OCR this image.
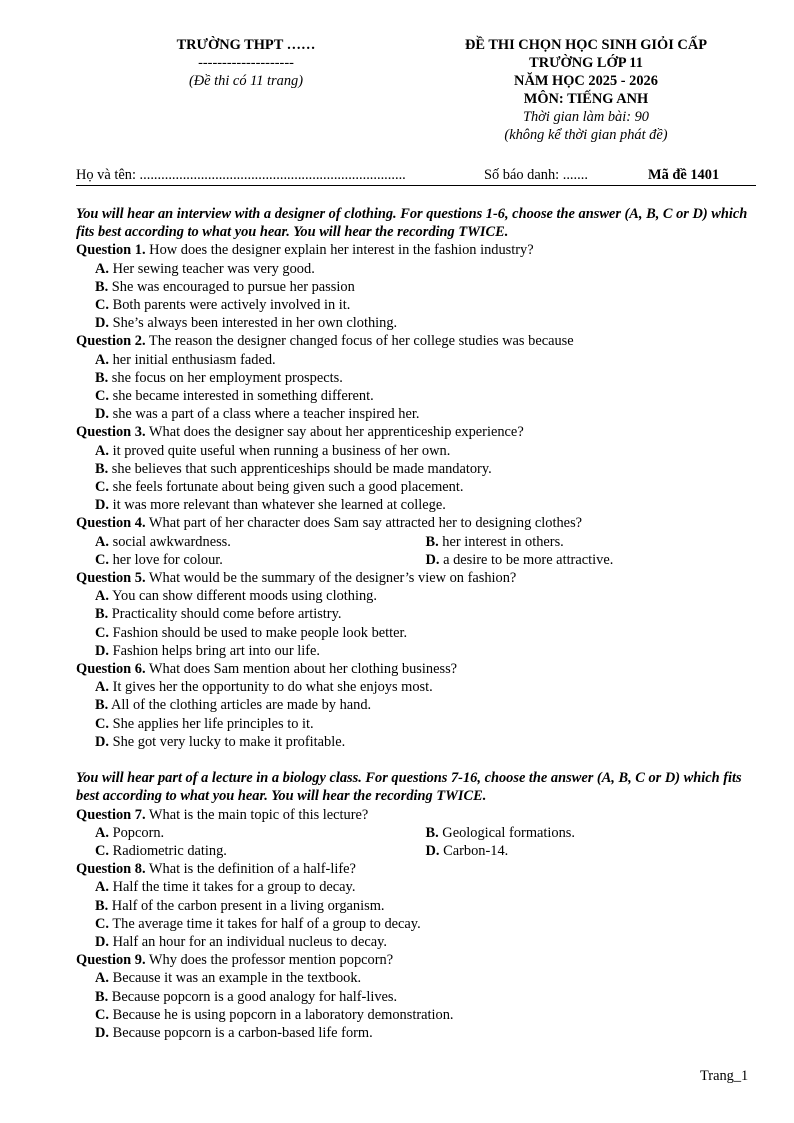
TRƯỜNG THPT ……
--------------------
(Đề thi có 11 trang)
ĐỀ THI CHỌN HỌC SINH GIỎI CẤP
TRƯỜNG LỚP 11
NĂM HỌC 2025 - 2026
MÔN: TIẾNG ANH
Thời gian làm bài: 90
(không kể thời gian phát đề)
Họ và tên: ..........................................................................	Số báo danh: .......	Mã đề 1401

You will hear an interview with a designer of clothing. For questions 1-6, choose the answer (A, B, C or D) which fits best according to what you hear. You will hear the recording TWICE.

Question 1. How does the designer explain her interest in the fashion industry?

A. Her sewing teacher was very good.
B. She was encouraged to pursue her passion
C. Both parents were actively involved in it.
D. She’s always been interested in her own clothing.

Question 2. The reason the designer changed focus of her college studies was because

A. her initial enthusiasm faded.
B. she focus on her employment prospects.
C. she became interested in something different.
D. she was a part of a class where a teacher inspired her.

Question 3. What does the designer say about her apprenticeship experience?

A. it proved quite useful when running a business of her own.
B. she believes that such apprenticeships should be made mandatory.
C. she feels fortunate about being given such a good placement.
D. it was more relevant than whatever she learned at college.

Question 4. What part of her character does Sam say attracted her to designing clothes?

A. social awkwardness.	B. her interest in others.
C. her love for colour.	D. a desire to be more attractive.

Question 5. What would be the summary of the designer’s view on fashion?

A. You can show different moods using clothing.
B. Practicality should come before artistry.
C. Fashion should be used to make people look better.
D. Fashion helps bring art into our life.

Question 6. What does Sam mention about her clothing business?

A. It gives her the opportunity to do what she enjoys most.
B. All of the clothing articles are made by hand.
C. She applies her life principles to it.
D. She got very lucky to make it profitable.

You will hear part of a lecture in a biology class. For questions 7-16, choose the answer (A, B, C or D) which fits best according to what you hear. You will hear the recording TWICE.

Question 7. What is the main topic of this lecture?

A. Popcorn.	B. Geological formations.
C. Radiometric dating.	D. Carbon-14.

Question 8. What is the definition of a half-life?

A. Half the time it takes for a group to decay.
B. Half of the carbon present in a living organism.
C. The average time it takes for half of a group to decay.
D. Half an hour for an individual nucleus to decay.

Question 9. Why does the professor mention popcorn?

A. Because it was an example in the textbook.
B. Because popcorn is a good analogy for half-lives.
C. Because he is using popcorn in a laboratory demonstration.
D. Because popcorn is a carbon-based life form.
Trang_1
